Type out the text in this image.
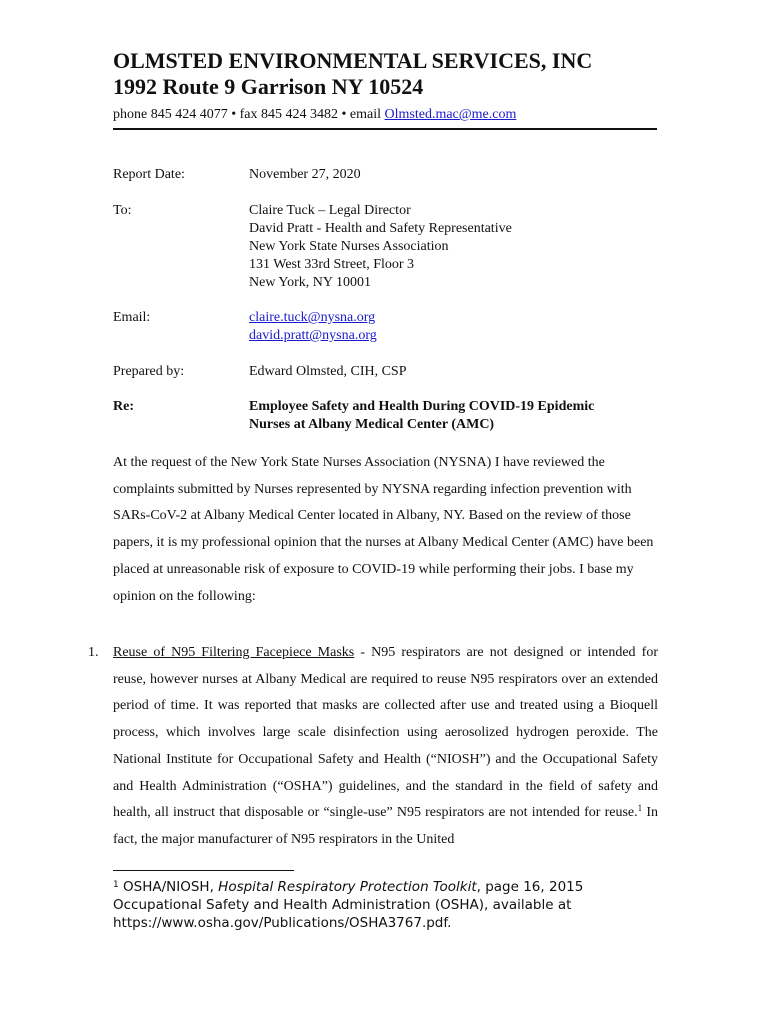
OLMSTED ENVIRONMENTAL SERVICES, INC
1992 Route 9 Garrison NY 10524
phone 845 424 4077 • fax 845 424 3482 • email Olmsted.mac@me.com
Report Date:	November 27, 2020
To:	Claire Tuck – Legal Director
David Pratt - Health and Safety Representative
New York State Nurses Association
131 West 33rd Street, Floor 3
New York, NY 10001
Email:	claire.tuck@nysna.org
david.pratt@nysna.org
Prepared by:	Edward Olmsted, CIH, CSP
Re:	Employee Safety and Health During COVID-19 Epidemic
Nurses at Albany Medical Center (AMC)
At the request of the New York State Nurses Association (NYSNA) I have reviewed the complaints submitted by Nurses represented by NYSNA regarding infection prevention with SARs-CoV-2 at Albany Medical Center located in Albany, NY. Based on the review of those papers, it is my professional opinion that the nurses at Albany Medical Center (AMC) have been placed at unreasonable risk of exposure to COVID-19 while performing their jobs. I base my opinion on the following:
1. Reuse of N95 Filtering Facepiece Masks - N95 respirators are not designed or intended for reuse, however nurses at Albany Medical are required to reuse N95 respirators over an extended period of time. It was reported that masks are collected after use and treated using a Bioquell process, which involves large scale disinfection using aerosolized hydrogen peroxide. The National Institute for Occupational Safety and Health (“NIOSH”) and the Occupational Safety and Health Administration (“OSHA”) guidelines, and the standard in the field of safety and health, all instruct that disposable or “single-use” N95 respirators are not intended for reuse.$^1$ In fact, the major manufacturer of N95 respirators in the United
$^1$ OSHA/NIOSH, Hospital Respiratory Protection Toolkit, page 16, 2015 Occupational Safety and Health Administration (OSHA), available at https://www.osha.gov/Publications/OSHA3767.pdf.
